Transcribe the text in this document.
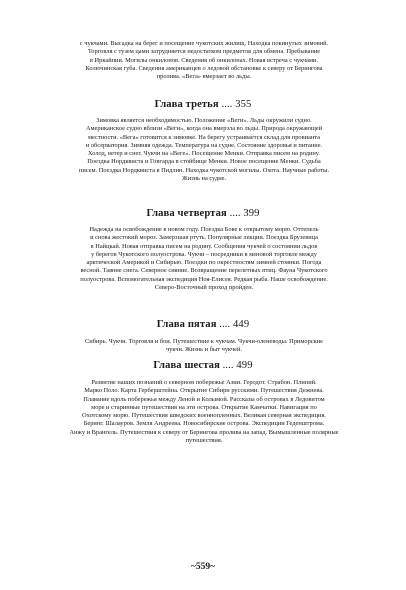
с чукчами. Высадка на берег и посещение чукотских жилищ. Находка покинутых зимовий.
Торговля с тузем цами затрудняется недостатком предметов для обмена. Пребывание
в Иркайпии. Могилы онкилонов. Сведения об онкилонах. Новая встреча с чукчами.
Колючинская губа. Сведения американцев о ледовой обстановке к северу от Берингова
пролива. «Вега» вмерзает во льды.
Глава третья .... 355
Зимовка является необходимостью. Положение «Веги». Льды окружили судно.
Американское судно вблизи «Веги», когда она вмерзла во льды. Природа окружающей
местности. «Вега» готовится к зимовке. На берегу устраивается склад для провианта
и обсерватория. Зимняя одежда. Температура на судне. Состояние здоровья и питание.
Холод, ветер и снег. Чукчи на «Веге». Посещение Менки. Отправка писем на родину.
Поездка Нордквиста и Говгарда в стойбище Менки. Новое посещение Менки. Судьба
писем. Поездка Нордквиста в Пидлин. Находка чукотской могилы. Охота. Научные работы.
Жизнь на судне.
Глава четвертая .... 399
Надежда на освобождение в новом году. Поездка Бове к открытому морю. Оттепель
и снова жестокий мороз. Замерзшая ртуть. Популярные лекции. Поездка Брузевица
в Найцкай. Новая отправка писем на родину. Сообщения чукчей о состоянии льдов
у берегов Чукотского полуострова. Чукчи – посредники в меновой торговле между
арктической Америкой и Сибирью. Поездки по окрестностям зимней стоянки. Погода
весной. Таяние снега. Северное сияние. Возвращение перелетных птиц. Фауна Чукотского
полуострова. Вспомогательная экспедиция Ноя-Елисея. Редкая рыба. Наше освобождение.
Северо-Восточный проход пройден.
Глава пятая .... 449
Сибирь. Чукчи. Торговля и бои. Путешествие к чукчам. Чукчи-оленеводы. Приморские
чукчи. Жизнь и быт чукчей.
Глава шестая .... 499
Развитие наших познаний о северном побережье Азии. Геродот. Страбон. Плиний.
Марко Поло. Карта Герберштейна. Открытие Сибири русскими. Путешествия Дежнева.
Плавание вдоль побережья между Леной и Колымой. Рассказы об островах в Ледовитом
море и старинные путешествия на эти острова. Открытие Камчатки. Навигация по
Охотскому морю. Путешествия шведских военнопленных. Великая северная экспедиция.
Беринг. Шалауров. Земля Андреева. Новосибирские острова. Экспедиции Геденштрома.
Анжу и Врангель. Путешествия к северу от Берингова пролива на запад. Вымышленные полярные
путешествия.
~559~
